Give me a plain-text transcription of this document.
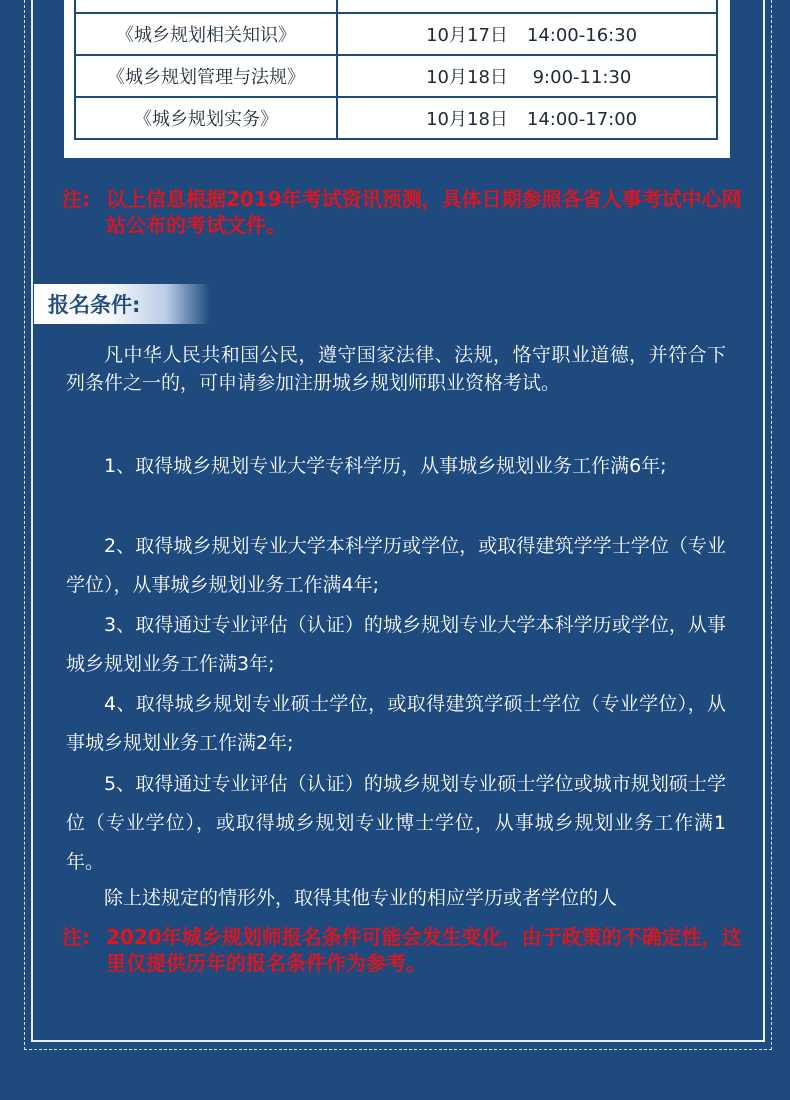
《城乡规划相关知识》	10月17日 14:00-16:30
《城乡规划管理与法规》	10月18日 9:00-11:30
《城乡规划实务》	10月18日 14:00-17:00
注: 以上信息根据2019年考试资讯预测，具体日期参照各省人事考试中心网站公布的考试文件。
报名条件:
凡中华人民共和国公民，遵守国家法律、法规，恪守职业道德，并符合下列条件之一的，可申请参加注册城乡规划师职业资格考试。
1、取得城乡规划专业大学专科学历，从事城乡规划业务工作满6年;
2、取得城乡规划专业大学本科学历或学位，或取得建筑学学士学位（专业学位），从事城乡规划业务工作满4年;
3、取得通过专业评估（认证）的城乡规划专业大学本科学历或学位，从事城乡规划业务工作满3年;
4、取得城乡规划专业硕士学位，或取得建筑学硕士学位（专业学位），从事城乡规划业务工作满2年;
5、取得通过专业评估（认证）的城乡规划专业硕士学位或城市规划硕士学位（专业学位），或取得城乡规划专业博士学位，从事城乡规划业务工作满1年。
除上述规定的情形外，取得其他专业的相应学历或者学位的人
注: 2020年城乡规划师报名条件可能会发生变化，由于政策的不确定性，这里仅提供历年的报名条件作为参考。
